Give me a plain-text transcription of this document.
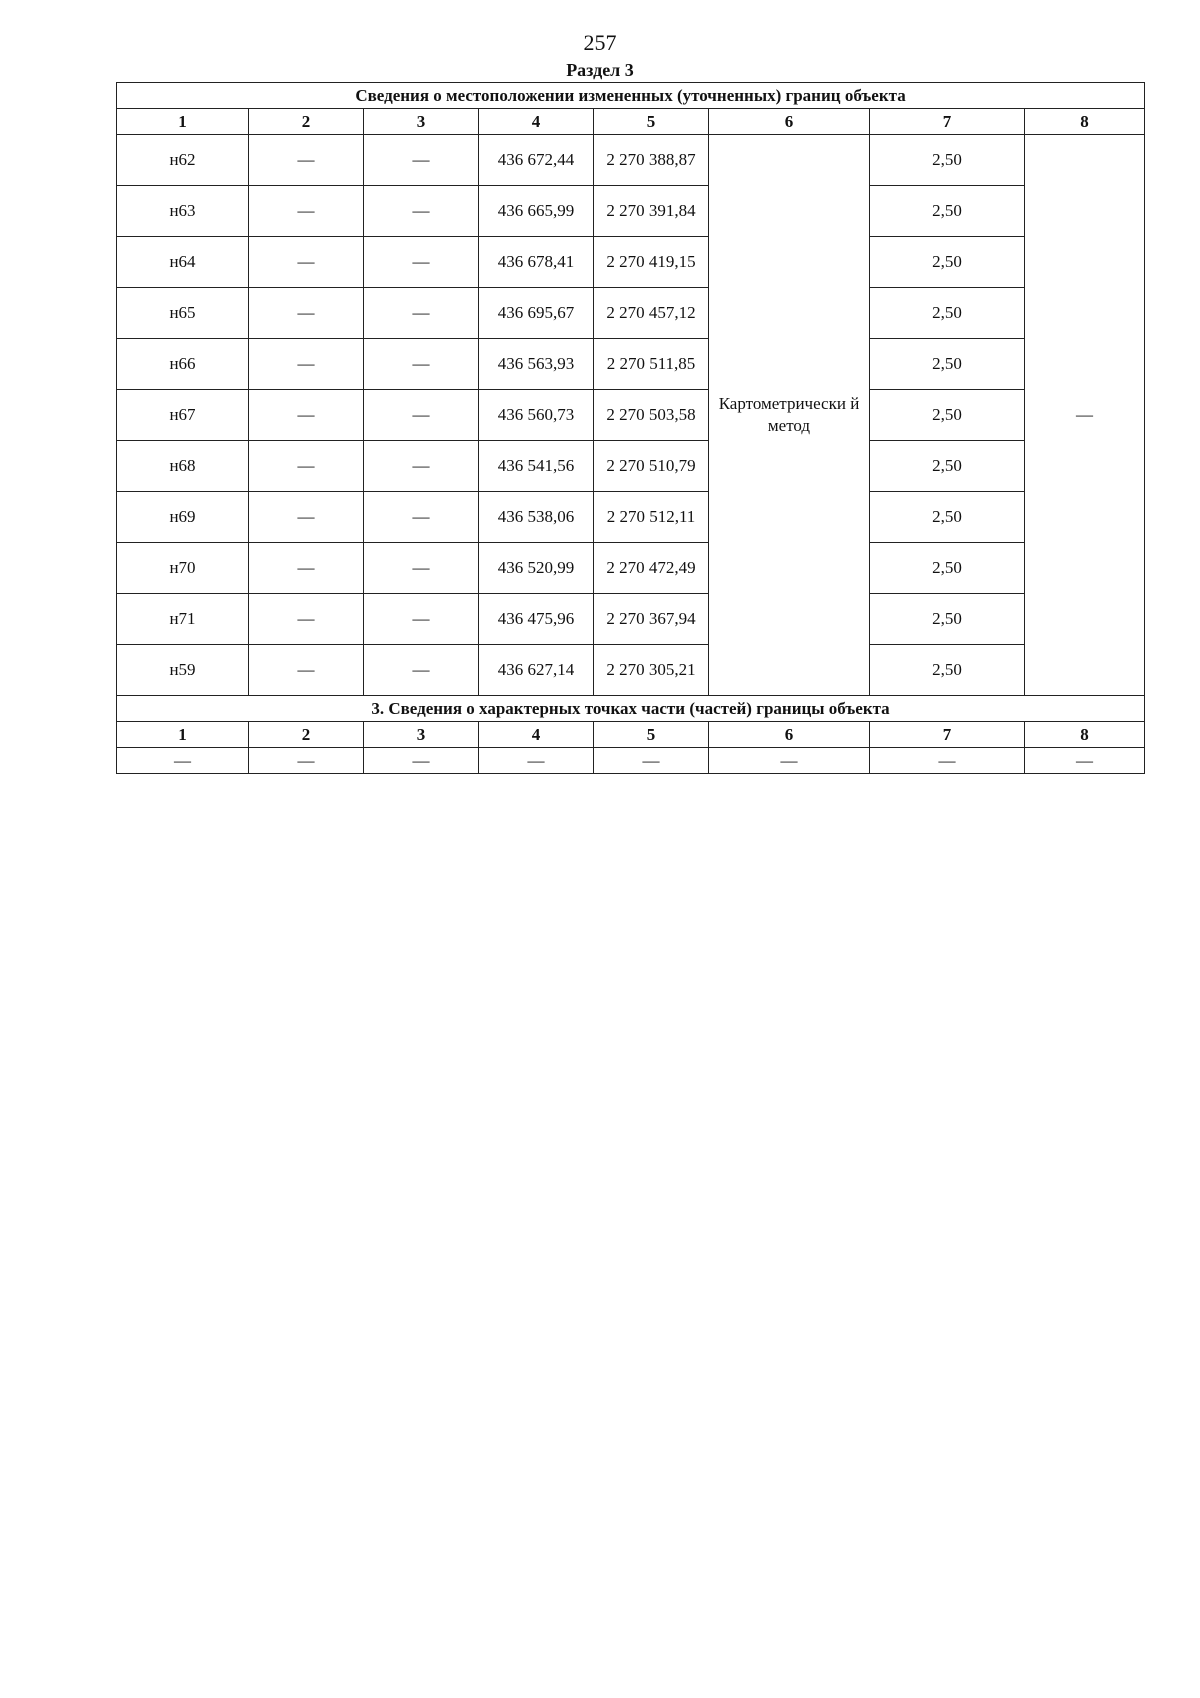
257
Раздел 3
Сведения о местоположении измененных (уточненных) границ объекта							
1	2	3	4	5	6	7	8
н62	—	—	436 672,44	2 270 388,87	Картометрически й метод	2,50	—
н63	—	—	436 665,99	2 270 391,84		2,50	
н64	—	—	436 678,41	2 270 419,15		2,50	
н65	—	—	436 695,67	2 270 457,12		2,50	
н66	—	—	436 563,93	2 270 511,85		2,50	
н67	—	—	436 560,73	2 270 503,58		2,50	
н68	—	—	436 541,56	2 270 510,79		2,50	
н69	—	—	436 538,06	2 270 512,11		2,50	
н70	—	—	436 520,99	2 270 472,49		2,50	
н71	—	—	436 475,96	2 270 367,94		2,50	
н59	—	—	436 627,14	2 270 305,21		2,50	
3. Сведения о характерных точках части (частей) границы объекта							
1	2	3	4	5	6	7	8
—	—	—	—	—	—	—	—
